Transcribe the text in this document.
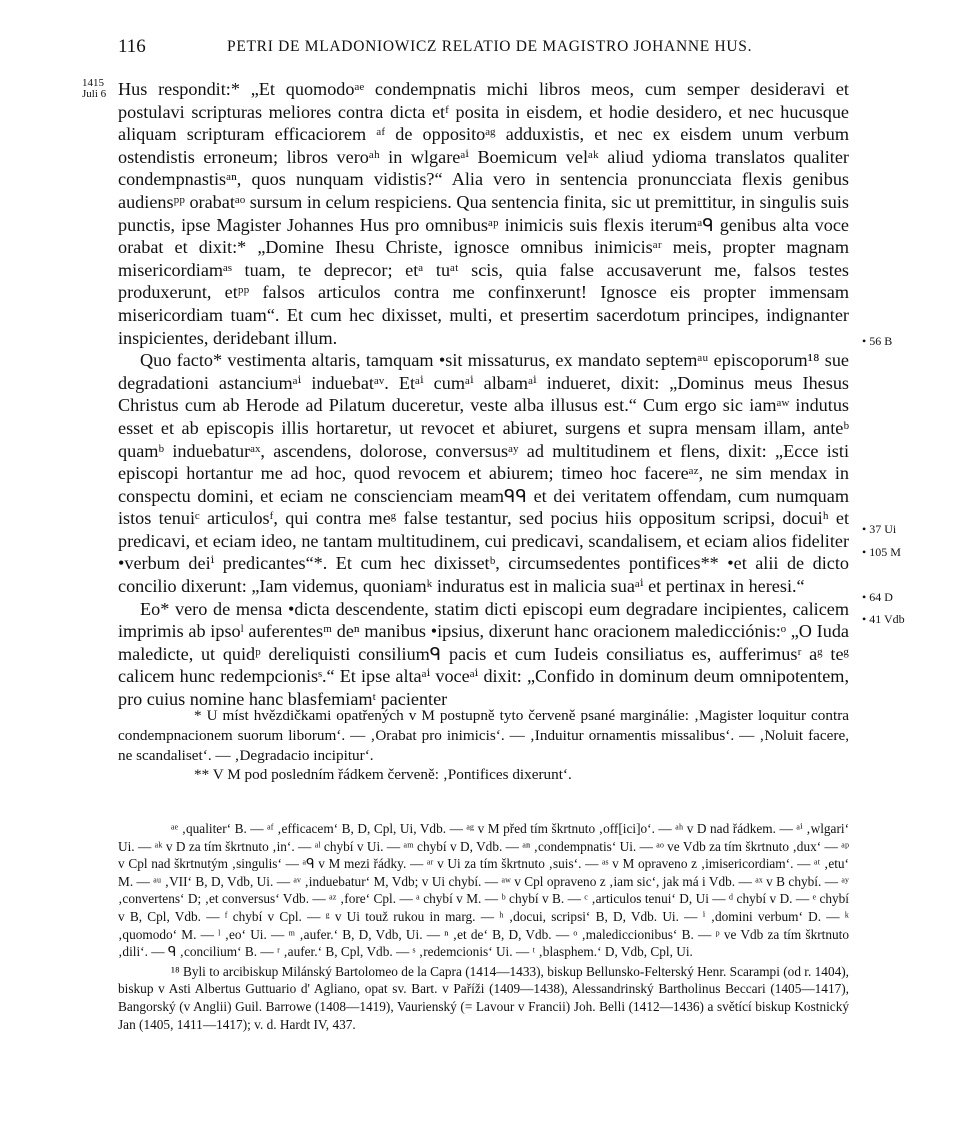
116	PETRI DE MLADONIOWICZ RELATIO DE MAGISTRO JOHANNE HUS.
1415
Juli 6 Hus respondit:* „Et quomodoᵃᵉ condempnatis michi libros meos, cum semper desideravi et postulavi scripturas meliores contra dicta etᶠ posita in eisdem, et hodie desidero, et nec hucusque aliquam scripturam efficaciorem ᵃᶠ de oppositoᵃᵍ adduxistis, et nec ex eisdem unum verbum ostendistis erroneum; libros veroᵃʰ in wlgareᵃⁱ Boemicum velᵃᵏ aliud ydioma translatos qualiter condempnastisᵃⁿ, quos nunquam vidistis?“ Alia vero in sentencia pronuncciata flexis genibus audiensᵖᵖ orabatᵃᵒ sursum in celum respiciens. Qua sentencia finita, sic ut premittitur, in singulis suis punctis, ipse Magister Johannes Hus pro omnibusᵃᵖ inimicis suis flexis iterumᵃᑫ genibus alta voce orabat et dixit:* „Domine Ihesu Christe, ignosce omnibus inimicisᵃʳ meis, propter magnam misericordiamᵃˢ tuam, te deprecor; etᵃ tuᵃᵗ scis, quia false accusaverunt me, falsos testes produxerunt, etᵖᵖ falsos articulos contra me confinxerunt! Ignosce eis propter immensam misericordiam tuam“. Et cum hec dixisset, multi, et presertim sacerdotum principes, indignanter inspicientes, deridebant illum.

Quo facto* vestimenta altaris, tamquam •sit missaturus, ex mandato septemᵃᵘ episcoporum¹⁸ sue degradationi astanciumᵃⁱ induebatᵃᵛ. Etᵃⁱ cumᵃⁱ albamᵃⁱ indueret, dixit: „Dominus meus Ihesus Christus cum ab Herode ad Pilatum duceretur, veste alba illusus est.“ Cum ergo sic iamᵃʷ indutus esset et ab episcopis illis hortaretur, ut revocet et abiuret, surgens et supra mensam illam, anteᵇ quamᵇ induebaturᵃˣ, ascendens, dolorose, conversusᵃʸ ad multitudinem et flens, dixit: „Ecce isti episcopi hortantur me ad hoc, quod revocem et abiurem; timeo hoc facereᵃᶻ, ne sim mendax in conspectu domini, et eciam ne conscienciam meamᑫᑫ et dei veritatem offendam, cum numquam istos tenuiᶜ articulosᶠ, qui contra meᵍ false testantur, sed pocius hiis oppositum scripsi, docuiʰ et predicavi, et eciam ideo, ne tantam multitudinem, cui predicavi, scandalisem, et eciam alios fideliter •verbum deiⁱ predicantes“*. Et cum hec dixissetᵇ, circumsedentes pontifices** •et alii de dicto concilio dixerunt: „Iam videmus, quoniamᵏ induratus est in malicia suaᵃⁱ et pertinax in heresi.“

Eo* vero de mensa •dicta descendente, statim dicti episcopi eum degradare incipientes, calicem imprimis ab ipsoˡ auferentesᵐ deⁿ manibus •ipsius, dixerunt hanc oracionem maledicciónis:ᵒ „O Iuda maledicte, ut quidᵖ dereliquisti consiliumᑫ pacis et cum Iudeis consiliatus es, aufferimusʳ aᵍ teᵍ calicem hunc redempcionisˢ.“ Et ipse altaᵃⁱ voceᵃⁱ dixit: „Confido in dominum deum omnipotentem, pro cuius nomine hanc blasfemiamᵗ pacienter

• 56 B
• 37 Ui
• 105 M
• 64 D
• 41 Vdb

* U míst hvězdičkami opatřených v M postupně tyto červeně psané marginálie: ‚Magister loquitur contra condempnacionem suorum liborum‘. — ‚Orabat pro inimicis‘. — ‚Induitur ornamentis missalibus‘. — ‚Noluit facere, ne scandaliset‘. — ‚Degradacio incipitur‘.

** V M pod posledním řádkem červeně: ‚Pontifices dixerunt‘.

ᵃᵉ ‚qualiter‘ B. — ᵃᶠ ‚efficacem‘ B, D, Cpl, Ui, Vdb. — ᵃᵍ v M před tím škrtnuto ‚off[ici]o‘. — ᵃʰ v D nad řádkem. — ᵃⁱ ‚wlgari‘ Ui. — ᵃᵏ v D za tím škrtnuto ‚in‘. — ᵃˡ chybí v Ui. — ᵃᵐ chybí v D, Vdb. — ᵃⁿ ‚condempnatis‘ Ui. — ᵃᵒ ve Vdb za tím škrtnuto ‚dux‘ — ᵃᵖ v Cpl nad škrtnutým ‚singulis‘ — ᵃᑫ v M mezi řádky. — ᵃʳ v Ui za tím škrtnuto ‚suis‘. — ᵃˢ v M opraveno z ‚imisericordiam‘. — ᵃᵗ ‚etu‘ M. — ᵃᵘ ‚VII‘ B, D, Vdb, Ui. — ᵃᵛ ‚induebatur‘ M, Vdb; v Ui chybí. — ᵃʷ v Cpl opraveno z ‚iam sic‘, jak má i Vdb. — ᵃˣ v B chybí. — ᵃʸ ‚convertens‘ D; ‚et conversus‘ Vdb. — ᵃᶻ ‚fore‘ Cpl. — ᵃ chybí v M. — ᵇ chybí v B. — ᶜ ‚articulos tenui‘ D, Ui — ᵈ chybí v D. — ᵉ chybí v B, Cpl, Vdb. — ᶠ chybí v Cpl. — ᵍ v Ui touž rukou in marg. — ʰ ‚docui, scripsi‘ B, D, Vdb. Ui. — ⁱ ‚domini verbum‘ D. — ᵏ ‚quomodo‘ M. — ˡ ‚eo‘ Ui. — ᵐ ‚aufer.‘ B, D, Vdb, Ui. — ⁿ ‚et de‘ B, D, Vdb. — ᵒ ‚malediccionibus‘ B. — ᵖ ve Vdb za tím škrtnuto ‚dili‘. — ᑫ ‚concilium‘ B. — ʳ ‚aufer.‘ B, Cpl, Vdb. — ˢ ‚redemcionis‘ Ui. — ᵗ ‚blasphem.‘ D, Vdb, Cpl, Ui.

¹⁸ Byli to arcibiskup Milánský Bartolomeo de la Capra (1414—1433), biskup Bellunsko-Felterský Henr. Scarampi (od r. 1404), biskup v Asti Albertus Guttuario d' Agliano, opat sv. Bart. v Paříži (1409—1438), Alessandrinský Bartholinus Beccari (1405—1417), Bangorský (v Anglii) Guil. Barrowe (1408—1419), Vaurienský (= Lavour v Francii) Joh. Belli (1412—1436) a světící biskup Kostnický Jan (1405, 1411—1417); v. d. Hardt IV, 437.
